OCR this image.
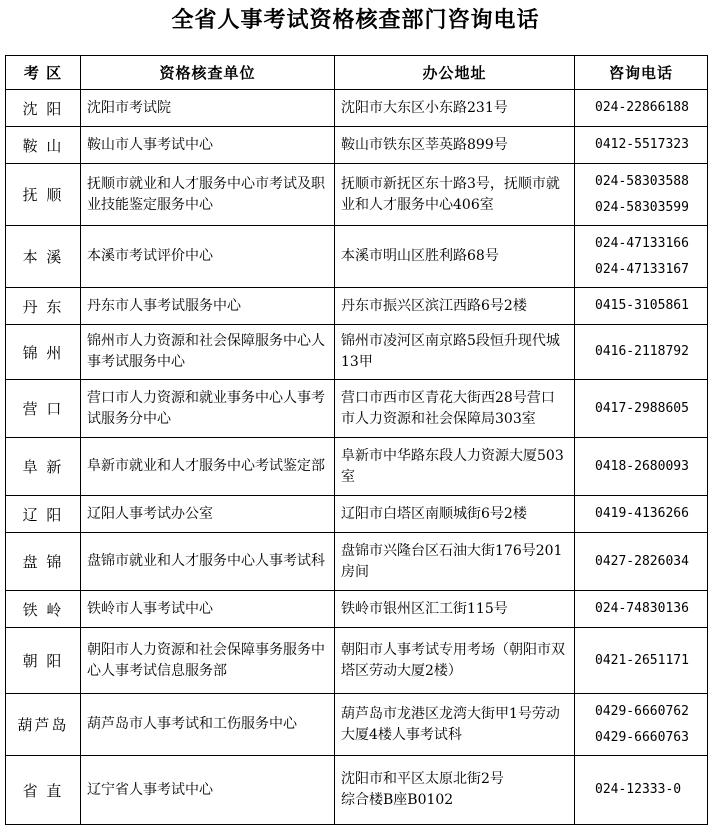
全省人事考试资格核查部门咨询电话
考 区	资格核查单位	办公地址	咨询电话
沈 阳	沈阳市考试院	沈阳市大东区小东路231号	024-22866188

鞍 山	鞍山市人事考试中心	鞍山市铁东区莘英路899号	0412-5517323

抚 顺	抚顺市就业和人才服务中心市考试及职业技能鉴定服务中心	抚顺市新抚区东十路3号，抚顺市就业和人才服务中心406室	024-58303588
024-58303599

本 溪	本溪市考试评价中心	本溪市明山区胜利路68号	024-47133166
024-47133167

丹 东	丹东市人事考试服务中心	丹东市振兴区滨江西路6号2楼	0415-3105861

锦 州	锦州市人力资源和社会保障服务中心人事考试服务中心	锦州市凌河区南京路5段恒升现代城13甲	0416-2118792

营 口	营口市人力资源和就业事务中心人事考试服务分中心	营口市西市区青花大街西28号营口市人力资源和社会保障局303室	0417-2988605

阜 新	阜新市就业和人才服务中心考试鉴定部	阜新市中华路东段人力资源大厦503室	0418-2680093

辽 阳	辽阳人事考试办公室	辽阳市白塔区南顺城街6号2楼	0419-4136266

盘 锦	盘锦市就业和人才服务中心人事考试科	盘锦市兴隆台区石油大街176号201房间	0427-2826034

铁 岭	铁岭市人事考试中心	铁岭市银州区汇工街115号	024-74830136

朝 阳	朝阳市人力资源和社会保障事务服务中心人事考试信息服务部	朝阳市人事考试专用考场（朝阳市双塔区劳动大厦2楼）	0421-2651171

葫芦岛	葫芦岛市人事考试和工伤服务中心	葫芦岛市龙港区龙湾大街甲1号劳动大厦4楼人事考试科	0429-6660762
0429-6660763

省 直	辽宁省人事考试中心	沈阳市和平区太原北街2号
综合楼B座B0102	024-12333-0
